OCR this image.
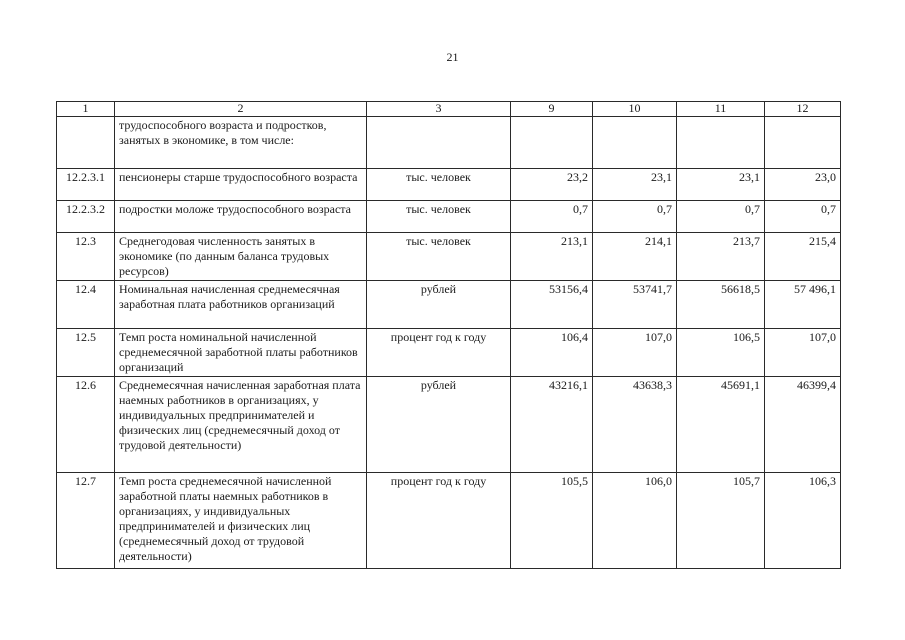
21
1	2	3	9	10	11	12
	трудоспособного возраста и подростков, занятых в экономике, в том числе:					
12.2.3.1	пенсионеры старше трудоспособного возраста	тыс. человек	23,2	23,1	23,1	23,0
12.2.3.2	подростки моложе трудоспособного возраста	тыс. человек	0,7	0,7	0,7	0,7
12.3	Среднегодовая численность занятых в экономике (по данным баланса трудовых ресурсов)	тыс. человек	213,1	214,1	213,7	215,4
12.4	Номинальная начисленная среднемесячная заработная плата работников организаций	рублей	53156,4	53741,7	56618,5	57 496,1
12.5	Темп роста номинальной начисленной среднемесячной заработной платы работников организаций	процент год к году	106,4	107,0	106,5	107,0
12.6	Среднемесячная начисленная заработная плата наемных работников в организациях, у индивидуальных предпринимателей и физических лиц (среднемесячный доход от трудовой деятельности)	рублей	43216,1	43638,3	45691,1	46399,4
12.7	Темп роста среднемесячной начисленной заработной платы наемных работников в организациях, у индивидуальных предпринимателей и физических лиц (среднемесячный доход от трудовой деятельности)	процент год к году	105,5	106,0	105,7	106,3
